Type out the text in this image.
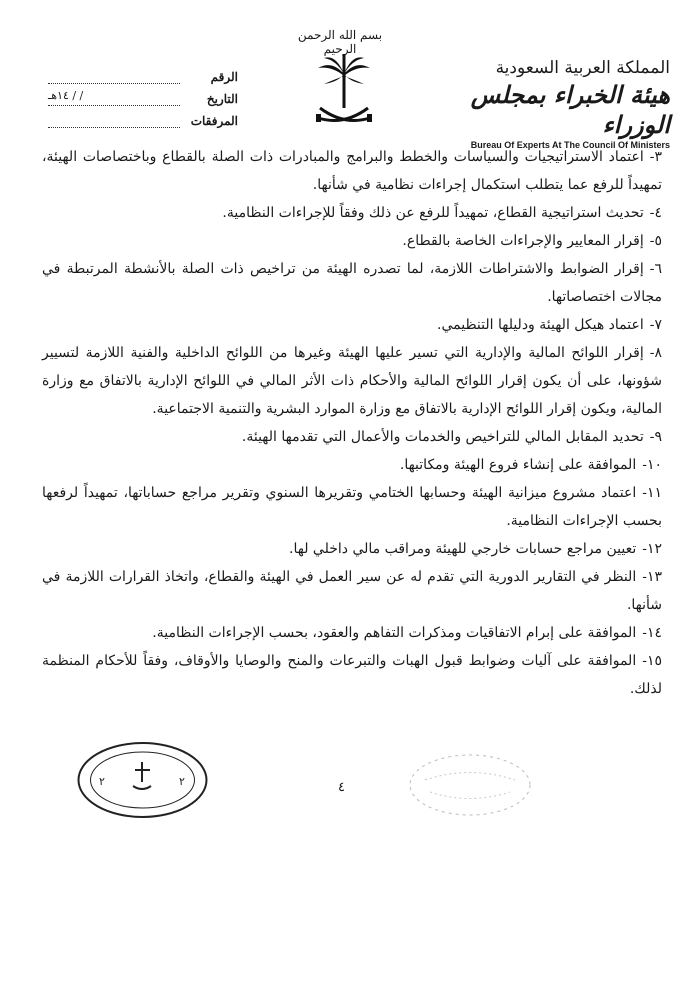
بسم الله الرحمن الرحيم
المملكة العربية السعودية
هيئة الخبراء بمجلس الوزراء
Bureau Of Experts At The Council Of Ministers
الرقم
التاريخ
/ / ١٤هـ
المرفقات

٣-اعتماد الاستراتيجيات والسياسات والخطط والبرامج والمبادرات ذات الصلة بالقطاع وباختصاصات الهيئة، تمهيداً للرفع عما يتطلب استكمال إجراءات نظامية في شأنها.

٤-تحديث استراتيجية القطاع، تمهيداً للرفع عن ذلك وفقاً للإجراءات النظامية.

٥-إقرار المعايير والإجراءات الخاصة بالقطاع.

٦-إقرار الضوابط والاشتراطات اللازمة، لما تصدره الهيئة من تراخيص ذات الصلة بالأنشطة المرتبطة في مجالات اختصاصاتها.

٧-اعتماد هيكل الهيئة ودليلها التنظيمي.

٨-إقرار اللوائح المالية والإدارية التي تسير عليها الهيئة وغيرها من اللوائح الداخلية والفنية اللازمة لتسيير شؤونها، على أن يكون إقرار اللوائح المالية والأحكام ذات الأثر المالي في اللوائح الإدارية بالاتفاق مع وزارة المالية، ويكون إقرار اللوائح الإدارية بالاتفاق مع وزارة الموارد البشرية والتنمية الاجتماعية.

٩-تحديد المقابل المالي للتراخيص والخدمات والأعمال التي تقدمها الهيئة.

١٠-الموافقة على إنشاء فروع الهيئة ومكاتبها.

١١-اعتماد مشروع ميزانية الهيئة وحسابها الختامي وتقريرها السنوي وتقرير مراجع حساباتها، تمهيداً لرفعها بحسب الإجراءات النظامية.

١٢-تعيين مراجع حسابات خارجي للهيئة ومراقب مالي داخلي لها.

١٣-النظر في التقارير الدورية التي تقدم له عن سير العمل في الهيئة والقطاع، واتخاذ القرارات اللازمة في شأنها.

١٤-الموافقة على إبرام الاتفاقيات ومذكرات التفاهم والعقود، بحسب الإجراءات النظامية.

١٥-الموافقة على آليات وضوابط قبول الهبات والتبرعات والمنح والوصايا والأوقاف، وفقاً للأحكام المنظمة لذلك.

٢	٢	٤
